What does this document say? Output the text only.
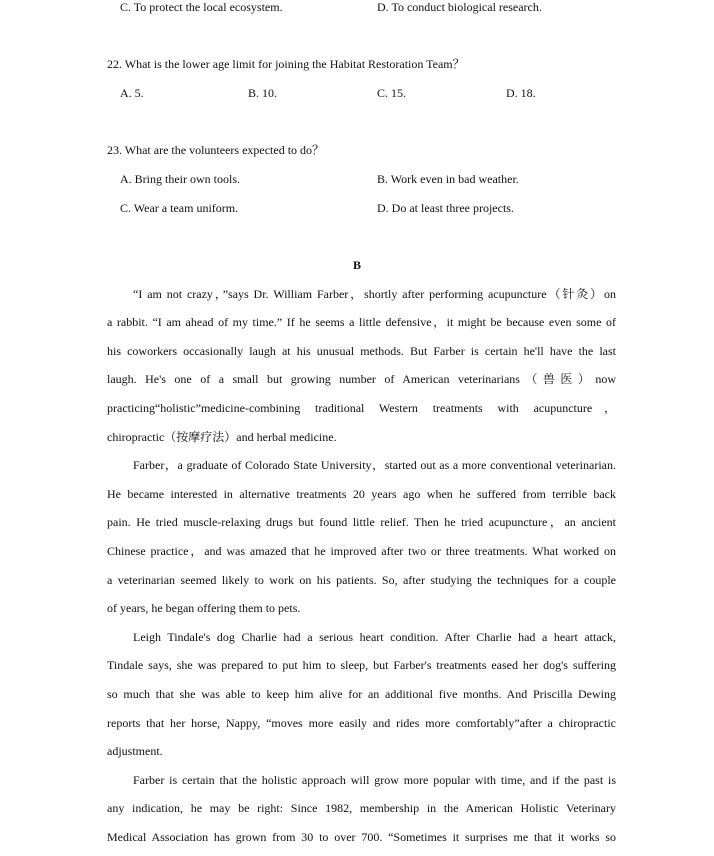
C. To protect the local ecosystem.	D. To conduct biological research.
22. What is the lower age limit for joining the Habitat Restoration Team？
A. 5.	B. 10.	C. 15.	D. 18.
23. What are the volunteers expected to do？
A. Bring their own tools.	B. Work even in bad weather.
C. Wear a team uniform.	D. Do at least three projects.
B
“I am not crazy，”says Dr. William Farber，shortly after performing acupuncture（针灸）on
a rabbit. “I am ahead of my time.” If he seems a little defensive，it might be because even some of
his coworkers occasionally laugh at his unusual methods. But Farber is certain he'll have the last
laugh. He's one of a small but growing number of American veterinarians（兽医）now
practicing“holistic”medicine-combining traditional Western treatments with acupuncture，
chiropractic（按摩疗法）and herbal medicine.
Farber，a graduate of Colorado State University，started out as a more conventional veterinarian.
He became interested in alternative treatments 20 years ago when he suffered from terrible back
pain. He tried muscle-relaxing drugs but found little relief. Then he tried acupuncture，an ancient
Chinese practice，and was amazed that he improved after two or three treatments. What worked on
a veterinarian seemed likely to work on his patients. So, after studying the techniques for a couple
of years, he began offering them to pets.
Leigh Tindale's dog Charlie had a serious heart condition. After Charlie had a heart attack,
Tindale says, she was prepared to put him to sleep, but Farber's treatments eased her dog's suffering
so much that she was able to keep him alive for an additional five months. And Priscilla Dewing
reports that her horse, Nappy, “moves more easily and rides more comfortably”after a chiropractic
adjustment.
Farber is certain that the holistic approach will grow more popular with time, and if the past is
any indication, he may be right: Since 1982, membership in the American Holistic Veterinary
Medical Association has grown from 30 to over 700. “Sometimes it surprises me that it works so
